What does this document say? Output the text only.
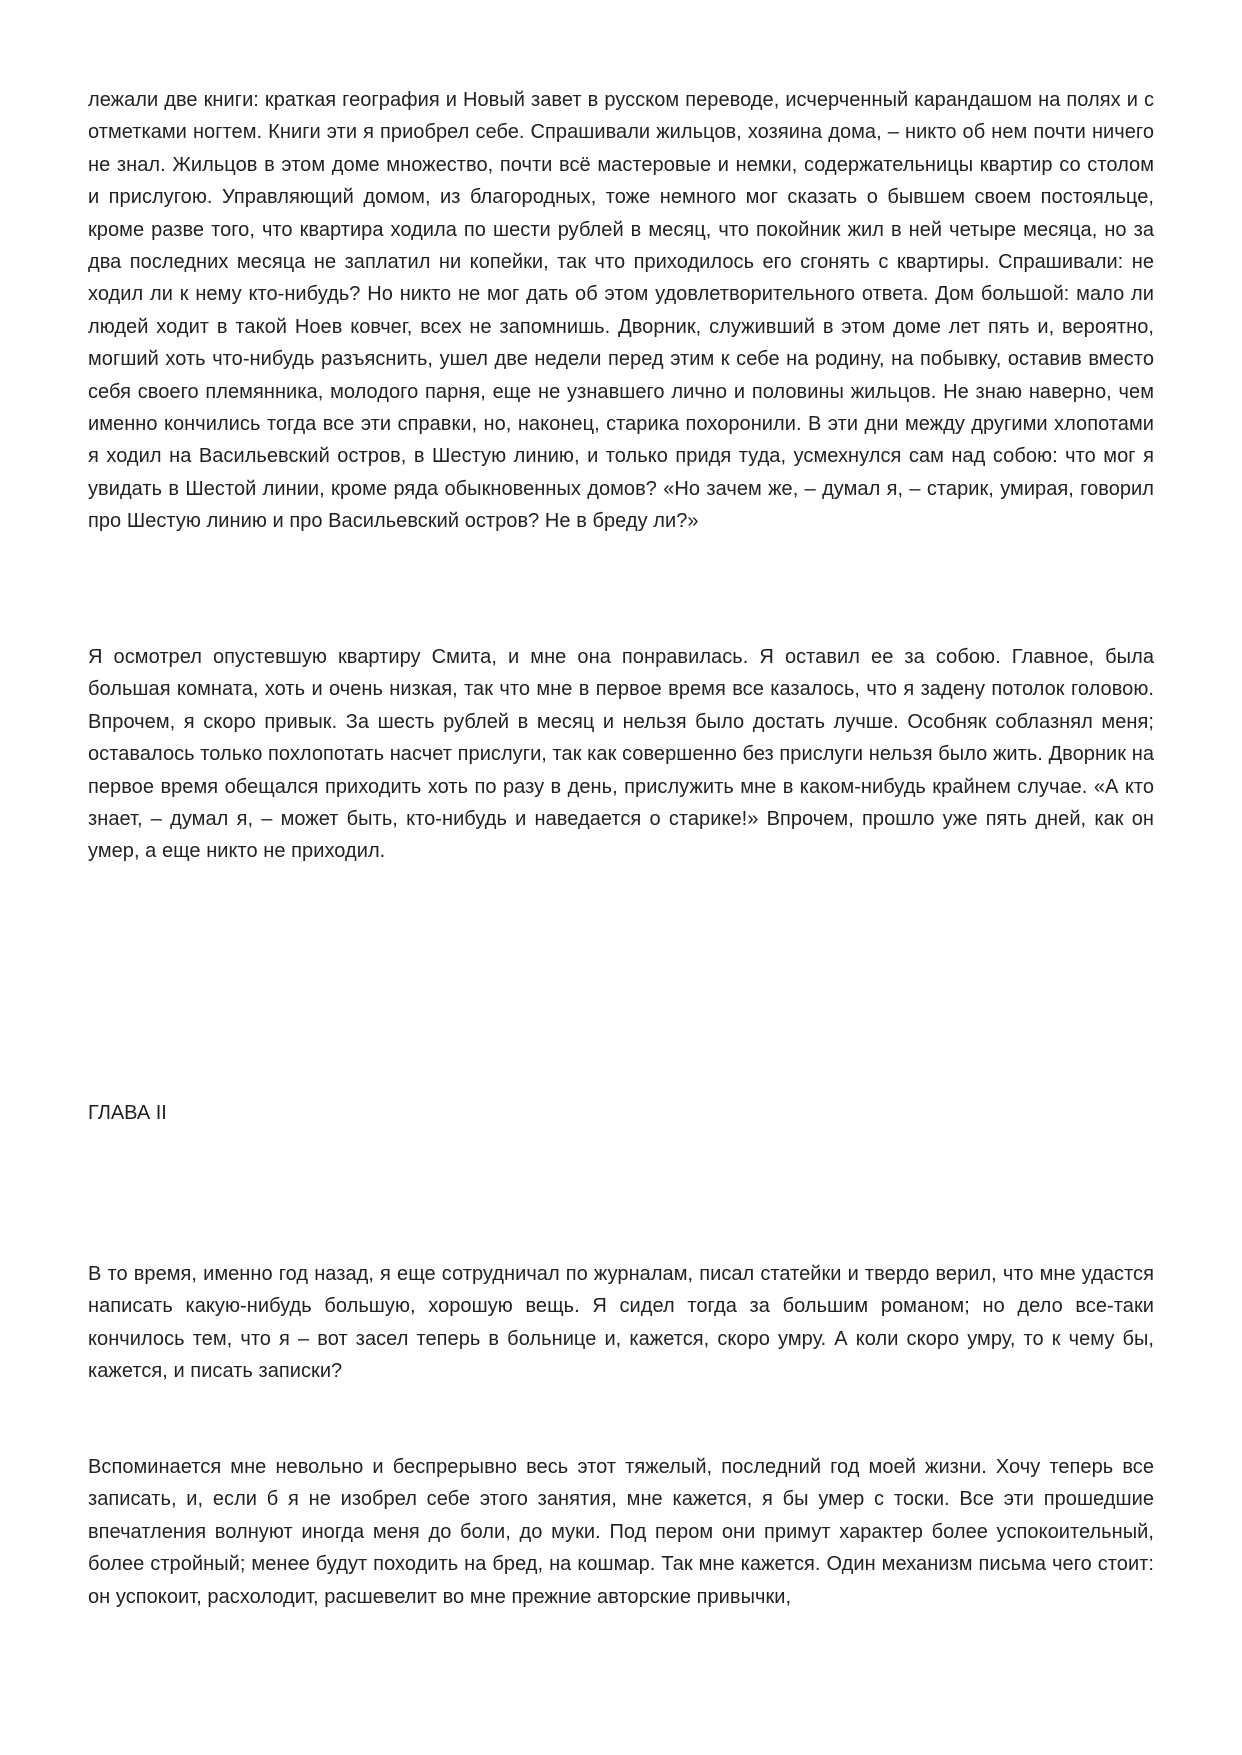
лежали две книги: краткая география и Новый завет в русском переводе, исчерченный карандашом на полях и с отметками ногтем. Книги эти я приобрел себе. Спрашивали жильцов, хозяина дома, – никто об нем почти ничего не знал. Жильцов в этом доме множество, почти всё мастеровые и немки, содержательницы квартир со столом и прислугою. Управляющий домом, из благородных, тоже немного мог сказать о бывшем своем постояльце, кроме разве того, что квартира ходила по шести рублей в месяц, что покойник жил в ней четыре месяца, но за два последних месяца не заплатил ни копейки, так что приходилось его сгонять с квартиры. Спрашивали: не ходил ли к нему кто-нибудь? Но никто не мог дать об этом удовлетворительного ответа. Дом большой: мало ли людей ходит в такой Ноев ковчег, всех не запомнишь. Дворник, служивший в этом доме лет пять и, вероятно, могший хоть что-нибудь разъяснить, ушел две недели перед этим к себе на родину, на побывку, оставив вместо себя своего племянника, молодого парня, еще не узнавшего лично и половины жильцов. Не знаю наверно, чем именно кончились тогда все эти справки, но, наконец, старика похоронили. В эти дни между другими хлопотами я ходил на Васильевский остров, в Шестую линию, и только придя туда, усмехнулся сам над собою: что мог я увидать в Шестой линии, кроме ряда обыкновенных домов? «Но зачем же, – думал я, – старик, умирая, говорил про Шестую линию и про Васильевский остров? Не в бреду ли?»

Я осмотрел опустевшую квартиру Смита, и мне она понравилась. Я оставил ее за собою. Главное, была большая комната, хоть и очень низкая, так что мне в первое время все казалось, что я задену потолок головою. Впрочем, я скоро привык. За шесть рублей в месяц и нельзя было достать лучше. Особняк соблазнял меня; оставалось только похлопотать насчет прислуги, так как совершенно без прислуги нельзя было жить. Дворник на первое время обещался приходить хоть по разу в день, прислужить мне в каком-нибудь крайнем случае. «А кто знает, – думал я, – может быть, кто-нибудь и наведается о старике!» Впрочем, прошло уже пять дней, как он умер, а еще никто не приходил.

ГЛАВА II

В то время, именно год назад, я еще сотрудничал по журналам, писал статейки и твердо верил, что мне удастся написать какую-нибудь большую, хорошую вещь. Я сидел тогда за большим романом; но дело все-таки кончилось тем, что я – вот засел теперь в больнице и, кажется, скоро умру. А коли скоро умру, то к чему бы, кажется, и писать записки?

Вспоминается мне невольно и беспрерывно весь этот тяжелый, последний год моей жизни. Хочу теперь все записать, и, если б я не изобрел себе этого занятия, мне кажется, я бы умер с тоски. Все эти прошедшие впечатления волнуют иногда меня до боли, до муки. Под пером они примут характер более успокоительный, более стройный; менее будут походить на бред, на кошмар. Так мне кажется. Один механизм письма чего стоит: он успокоит, расхолодит, расшевелит во мне прежние авторские привычки,
